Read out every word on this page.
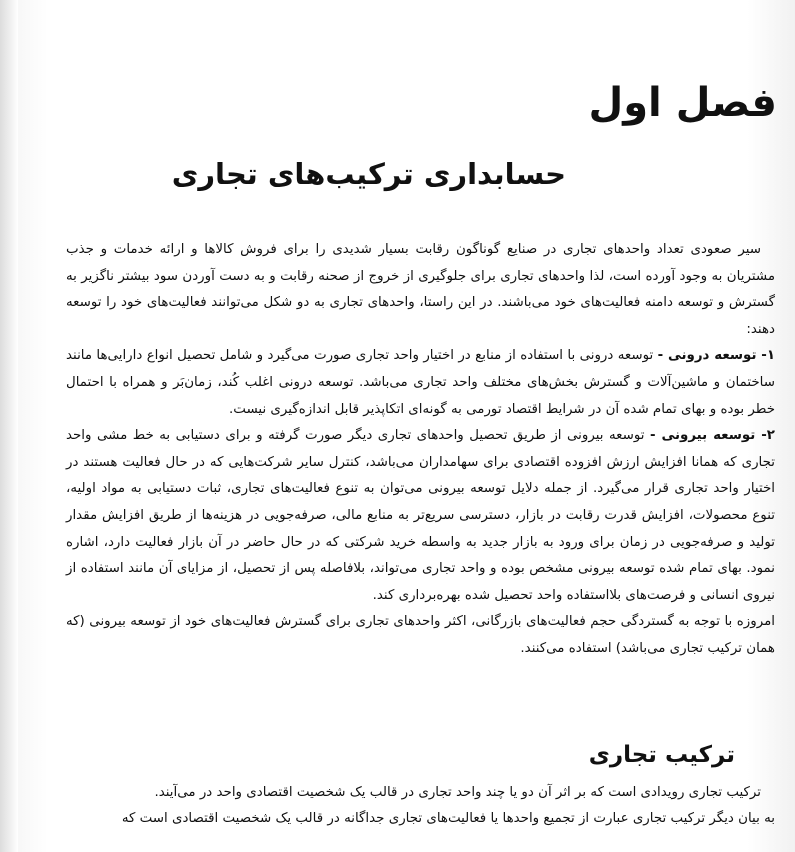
فصل اول
حسابداری ترکیب‌های تجاری

سیر صعودی تعداد واحدهای تجاری در صنایع گوناگون رقابت بسیار شدیدی را برای فروش کالاها و ارائه خدمات و جذب مشتریان به وجود آورده است، لذا واحدهای تجاری برای جلوگیری از خروج از صحنه رقابت و به دست آوردن سود بیشتر ناگزیر به گسترش و توسعه دامنه فعالیت‌های خود می‌باشند. در این راستا، واحدهای تجاری به دو شکل می‌توانند فعالیت‌های خود را توسعه دهند:

۱- توسعه درونی - توسعه درونی با استفاده از منابع در اختیار واحد تجاری صورت می‌گیرد و شامل تحصیل انواع دارایی‌ها مانند ساختمان و ماشین‌آلات و گسترش بخش‌های مختلف واحد تجاری می‌باشد. توسعه درونی اغلب کُند، زمان‌بَر و همراه با احتمال خطر بوده و بهای تمام شده آن در شرایط اقتصاد تورمی به گونه‌ای اتکاپذیر قابل اندازه‌گیری نیست.

۲- توسعه بیرونی - توسعه بیرونی از طریق تحصیل واحدهای تجاری دیگر صورت گرفته و برای دستیابی به خط مشی واحد تجاری که همانا افزایش ارزش افزوده اقتصادی برای سهامداران می‌باشد، کنترل سایر شرکت‌هایی که در حال فعالیت هستند در اختیار واحد تجاری قرار می‌گیرد. از جمله دلایل توسعه بیرونی می‌توان به تنوع فعالیت‌های تجاری، ثبات دستیابی به مواد اولیه، تنوع محصولات، افزایش قدرت رقابت در بازار، دسترسی سریع‌تر به منابع مالی، صرفه‌جویی در هزینه‌ها از طریق افزایش مقدار تولید و صرفه‌جویی در زمان برای ورود به بازار جدید به واسطه خرید شرکتی که در حال حاضر در آن بازار فعالیت دارد، اشاره نمود. بهای تمام شده توسعه بیرونی مشخص بوده و واحد تجاری می‌تواند، بلافاصله پس از تحصیل، از مزایای آن مانند استفاده از نیروی انسانی و فرصت‌های بلااستفاده واحد تحصیل شده بهره‌برداری کند.

امروزه با توجه به گستردگی حجم فعالیت‌های بازرگانی، اکثر واحدهای تجاری برای گسترش فعالیت‌های خود از توسعه بیرونی (که همان ترکیب تجاری می‌باشد) استفاده می‌کنند.

ترکیب تجاری

ترکیب تجاری رویدادی است که بر اثر آن دو یا چند واحد تجاری در قالب یک شخصیت اقتصادی واحد در می‌آیند.

به بیان دیگر ترکیب تجاری عبارت از تجمیع واحدها یا فعالیت‌های تجاری جداگانه در قالب یک شخصیت اقتصادی است که
